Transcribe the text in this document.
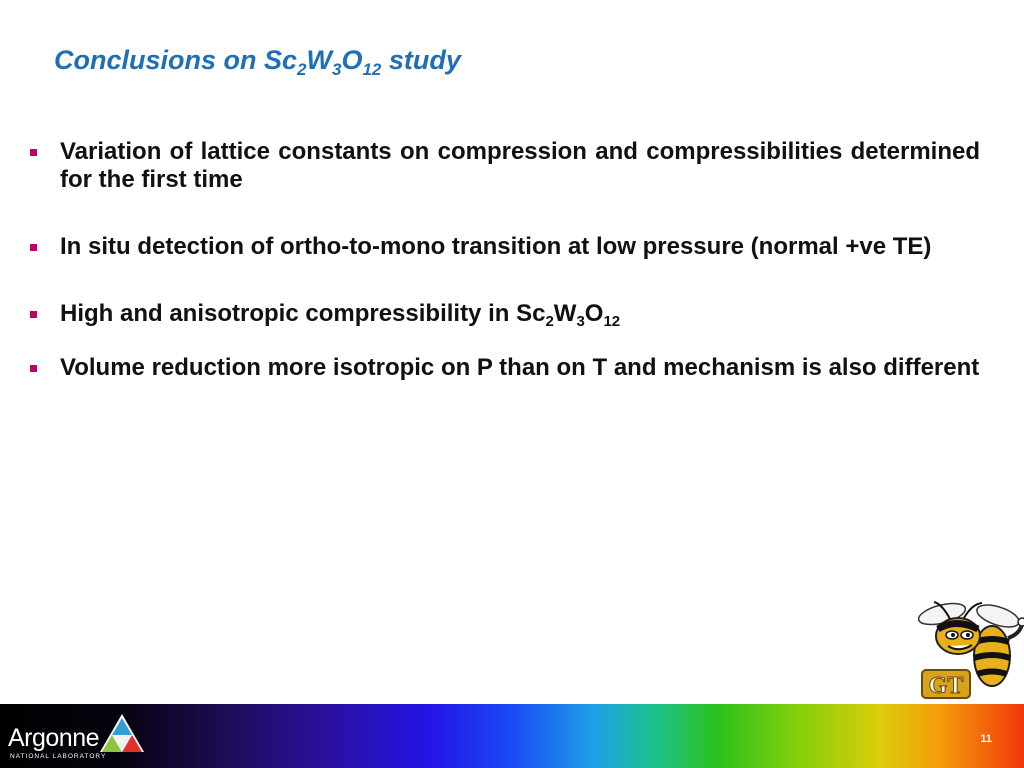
Conclusions on $Sc_2W_3O_{12}$ study
Variation of lattice constants on compression and compressibilities determined for the first time
In situ detection of ortho-to-mono transition at low pressure (normal +ve TE)
High and anisotropic compressibility in $Sc_2W_3O_{12}$
Volume reduction more isotropic on P than on T and mechanism is also different
GT
Argonne
NATIONAL LABORATORY
11
